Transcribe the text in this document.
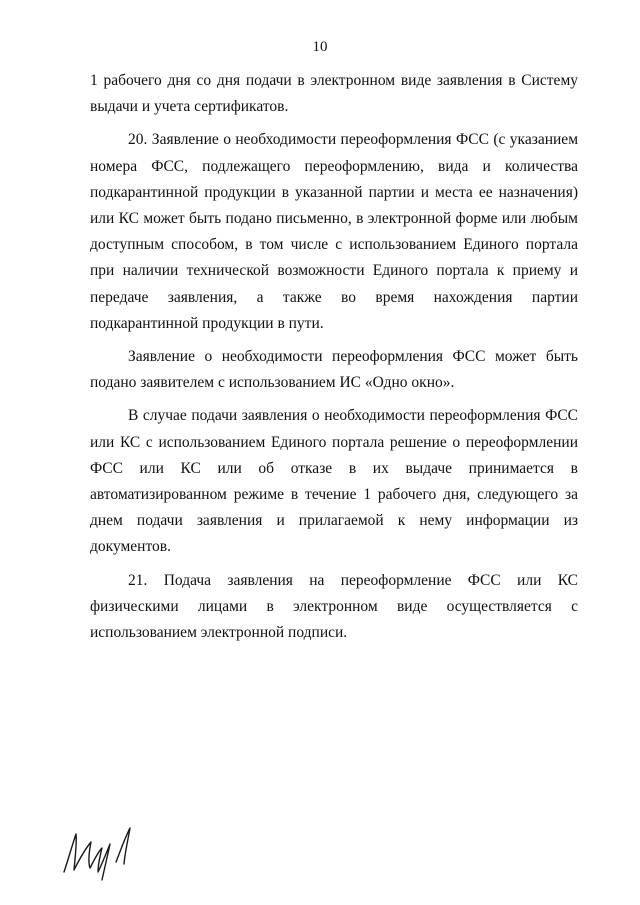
10

1 рабочего дня со дня подачи в электронном виде заявления в Систему выдачи и учета сертификатов.

20. Заявление о необходимости переоформления ФСС (с указанием номера ФСС, подлежащего переоформлению, вида и количества подкарантинной продукции в указанной партии и места ее назначения) или КС может быть подано письменно, в электронной форме или любым доступным способом, в том числе с использованием Единого портала при наличии технической возможности Единого портала к приему и передаче заявления, а также во время нахождения партии подкарантинной продукции в пути.

Заявление о необходимости переоформления ФСС может быть подано заявителем с использованием ИС «Одно окно».

В случае подачи заявления о необходимости переоформления ФСС или КС с использованием Единого портала решение о переоформлении ФСС или КС или об отказе в их выдаче принимается в автоматизированном режиме в течение 1 рабочего дня, следующего за днем подачи заявления и прилагаемой к нему информации из документов.

21. Подача заявления на переоформление ФСС или КС физическими лицами в электронном виде осуществляется с использованием электронной подписи.
